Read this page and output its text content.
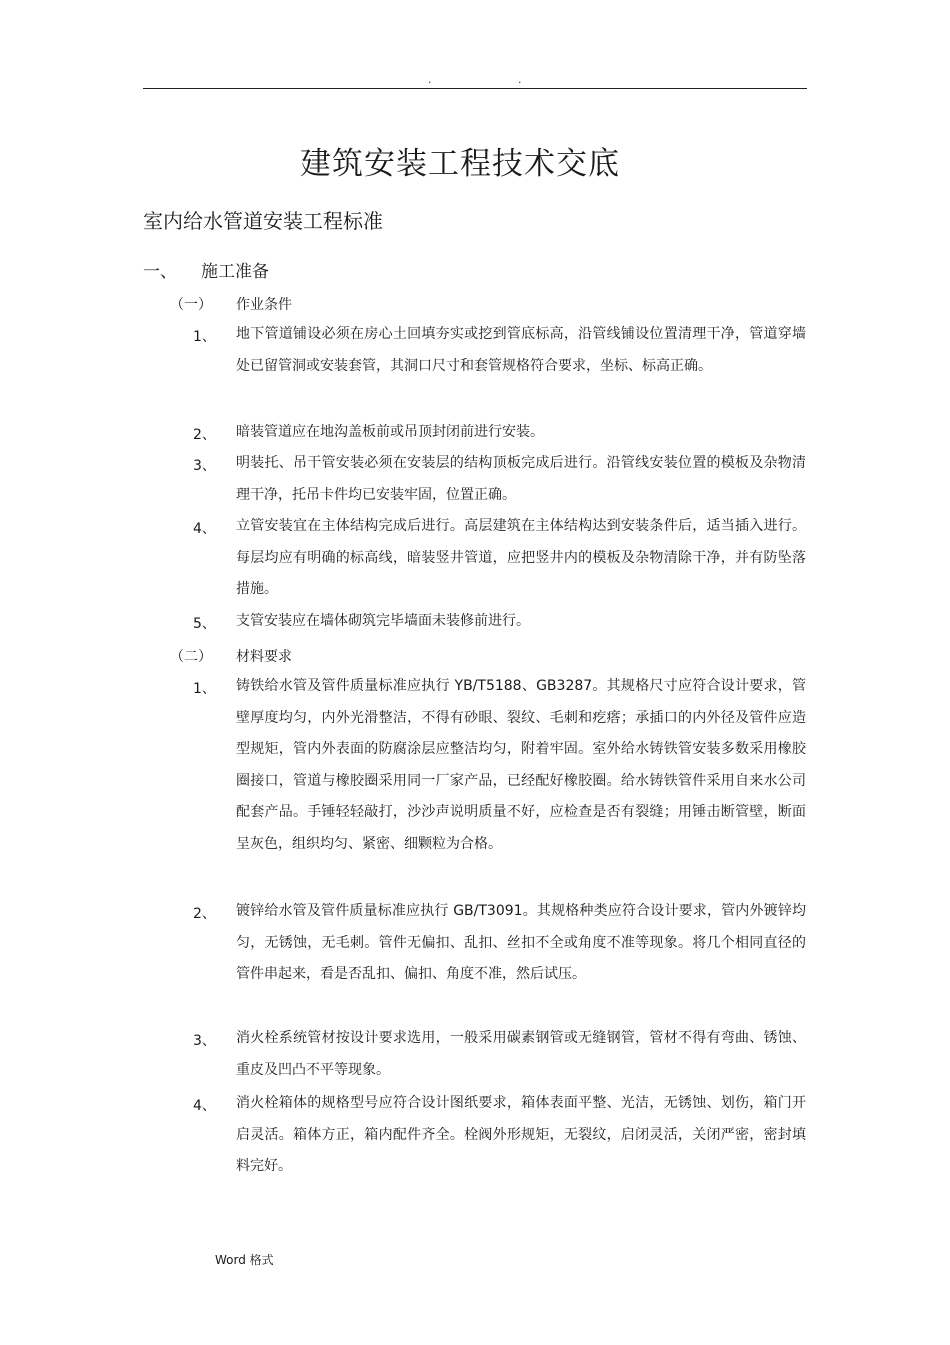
.	.
建筑安装工程技术交底
室内给水管道安装工程标准
一、 施工准备
（一） 作业条件
1、 地下管道铺设必须在房心土回填夯实或挖到管底标高，沿管线铺设位置清理干净，管道穿墙处已留管洞或安装套管，其洞口尺寸和套管规格符合要求，坐标、标高正确。

2、 暗装管道应在地沟盖板前或吊顶封闭前进行安装。

3、 明装托、吊干管安装必须在安装层的结构顶板完成后进行。沿管线安装位置的模板及杂物清理干净，托吊卡件均已安装牢固，位置正确。

4、 立管安装宜在主体结构完成后进行。高层建筑在主体结构达到安装条件后，适当插入进行。每层均应有明确的标高线，暗装竖井管道，应把竖井内的模板及杂物清除干净，并有防坠落措施。

5、 支管安装应在墙体砌筑完毕墙面未装修前进行。

（二） 材料要求
1、 铸铁给水管及管件质量标准应执行 YB/T5188、GB3287。其规格尺寸应符合设计要求，管壁厚度均匀，内外光滑整洁，不得有砂眼、裂纹、毛刺和疙瘩；承插口的内外径及管件应造型规矩，管内外表面的防腐涂层应整洁均匀，附着牢固。室外给水铸铁管安装多数采用橡胶圈接口，管道与橡胶圈采用同一厂家产品，已经配好橡胶圈。给水铸铁管件采用自来水公司配套产品。手锤轻轻敲打，沙沙声说明质量不好，应检查是否有裂缝；用锤击断管壁，断面呈灰色，组织均匀、紧密、细颗粒为合格。

2、 镀锌给水管及管件质量标准应执行 GB/T3091。其规格种类应符合设计要求，管内外镀锌均匀，无锈蚀，无毛刺。管件无偏扣、乱扣、丝扣不全或角度不准等现象。将几个相同直径的管件串起来，看是否乱扣、偏扣、角度不准，然后试压。

3、 消火栓系统管材按设计要求选用，一般采用碳素钢管或无缝钢管，管材不得有弯曲、锈蚀、重皮及凹凸不平等现象。

4、 消火栓箱体的规格型号应符合设计图纸要求，箱体表面平整、光洁，无锈蚀、划伤，箱门开启灵活。箱体方正，箱内配件齐全。栓阀外形规矩，无裂纹，启闭灵活，关闭严密，密封填料完好。

Word 格式
